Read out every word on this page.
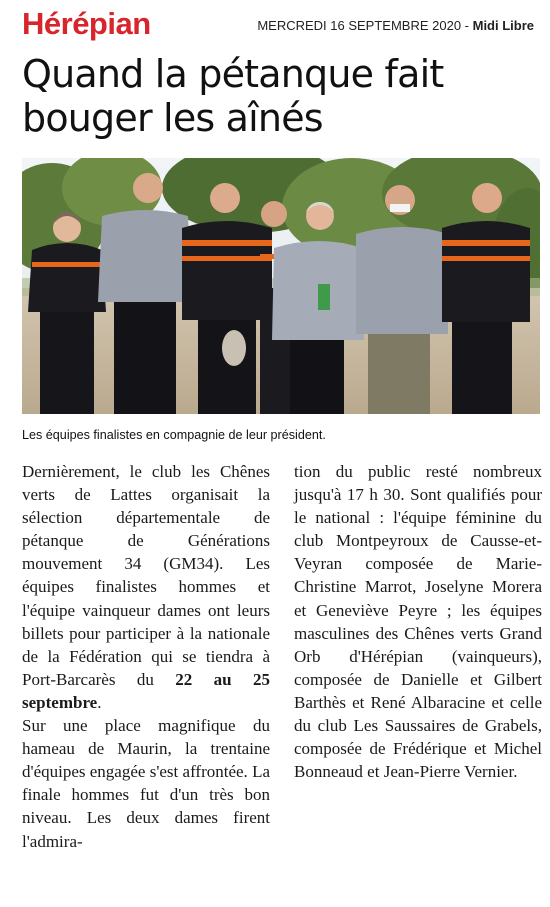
Hérépian	MERCREDI 16 SEPTEMBRE 2020 - Midi Libre
Quand la pétanque fait
bouger les aînés
Les équipes finalistes en compagnie de leur président.

Dernièrement, le club les Chênes verts de Lattes organisait la sélection départementale de pétanque de Générations mouvement 34 (GM34). Les équipes finalistes hommes et l'équipe vainqueur dames ont leurs billets pour participer à la nationale de la Fédération qui se tiendra à Port-Barcarès du 22 au 25 septembre.

Sur une place magnifique du hameau de Maurin, la trentaine d'équipes engagée s'est affrontée. La finale hommes fut d'un très bon niveau. Les deux dames firent l'admira-

tion du public resté nombreux jusqu'à 17 h 30. Sont qualifiés pour le national : l'équipe féminine du club Montpeyroux de Causse-et-Veyran composée de Marie-Christine Marrot, Joselyne Morera et Geneviève Peyre ; les équipes masculines des Chênes verts Grand Orb d'Hérépian (vainqueurs), composée de Danielle et Gilbert Barthès et René Albaracine et celle du club Les Saussaires de Grabels, composée de Frédérique et Michel Bonneaud et Jean-Pierre Vernier.
